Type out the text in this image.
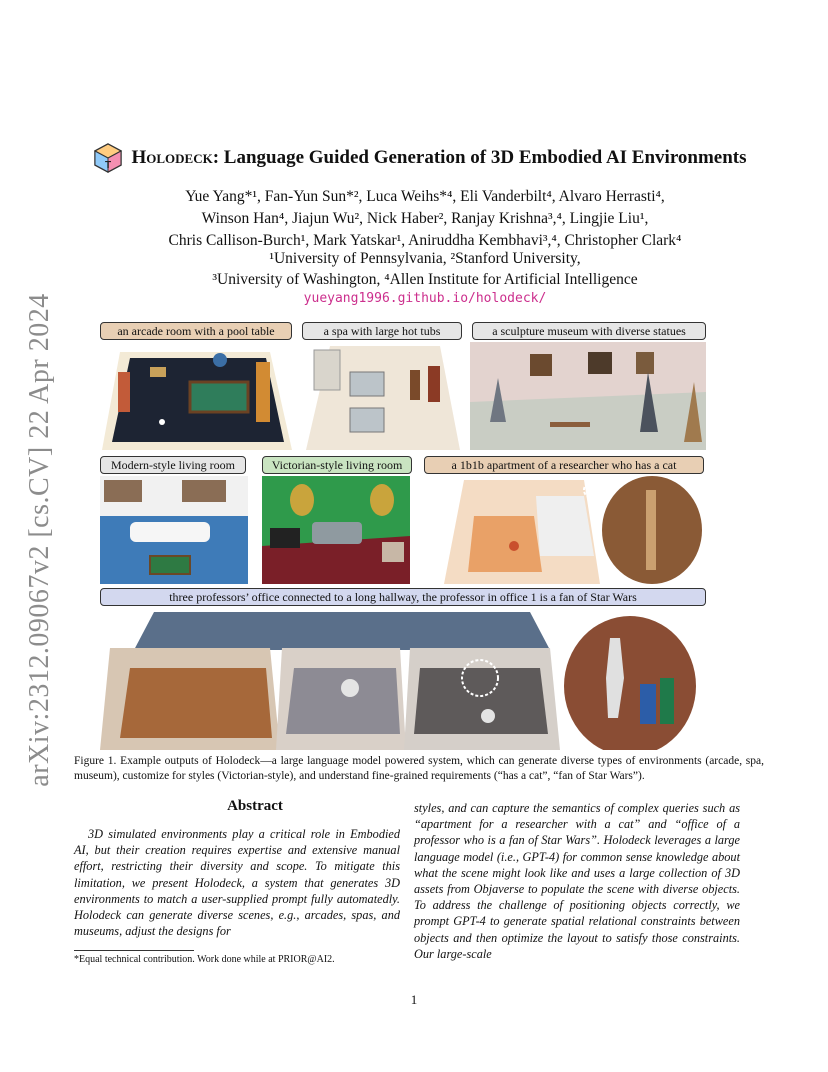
arXiv:2312.09067v2 [cs.CV] 22 Apr 2024
T Holodeck: Language Guided Generation of 3D Embodied AI Environments
Yue Yang*¹, Fan-Yun Sun*², Luca Weihs*⁴, Eli Vanderbilt⁴, Alvaro Herrasti⁴,
Winson Han⁴, Jiajun Wu², Nick Haber², Ranjay Krishna³,⁴, Lingjie Liu¹,
Chris Callison-Burch¹, Mark Yatskar¹, Aniruddha Kembhavi³,⁴, Christopher Clark⁴
¹University of Pennsylvania, ²Stanford University,
³University of Washington, ⁴Allen Institute for Artificial Intelligence
yueyang1996.github.io/holodeck/
an arcade room with a pool table	a spa with large hot tubs	a sculpture museum with diverse statues
Modern-style living room	Victorian-style living room	a 1b1b apartment of a researcher who has a cat
three professors’ office connected to a long hallway, the professor in office 1 is a fan of Star Wars
Figure 1. Example outputs of Holodeck—a large language model powered system, which can generate diverse types of environments (arcade, spa, museum), customize for styles (Victorian-style), and understand fine-grained requirements (“has a cat”, “fan of Star Wars”).
Abstract

3D simulated environments play a critical role in Embodied AI, but their creation requires expertise and extensive manual effort, restricting their diversity and scope. To mitigate this limitation, we present Holodeck, a system that generates 3D environments to match a user-supplied prompt fully automatedly. Holodeck can generate diverse scenes, e.g., arcades, spas, and museums, adjust the designs for

styles, and can capture the semantics of complex queries such as “apartment for a researcher with a cat” and “office of a professor who is a fan of Star Wars”. Holodeck leverages a large language model (i.e., GPT-4) for common sense knowledge about what the scene might look like and uses a large collection of 3D assets from Objaverse to populate the scene with diverse objects. To address the challenge of positioning objects correctly, we prompt GPT-4 to generate spatial relational constraints between objects and then optimize the layout to satisfy those constraints. Our large-scale

*Equal technical contribution. Work done while at PRIOR@AI2.
1
